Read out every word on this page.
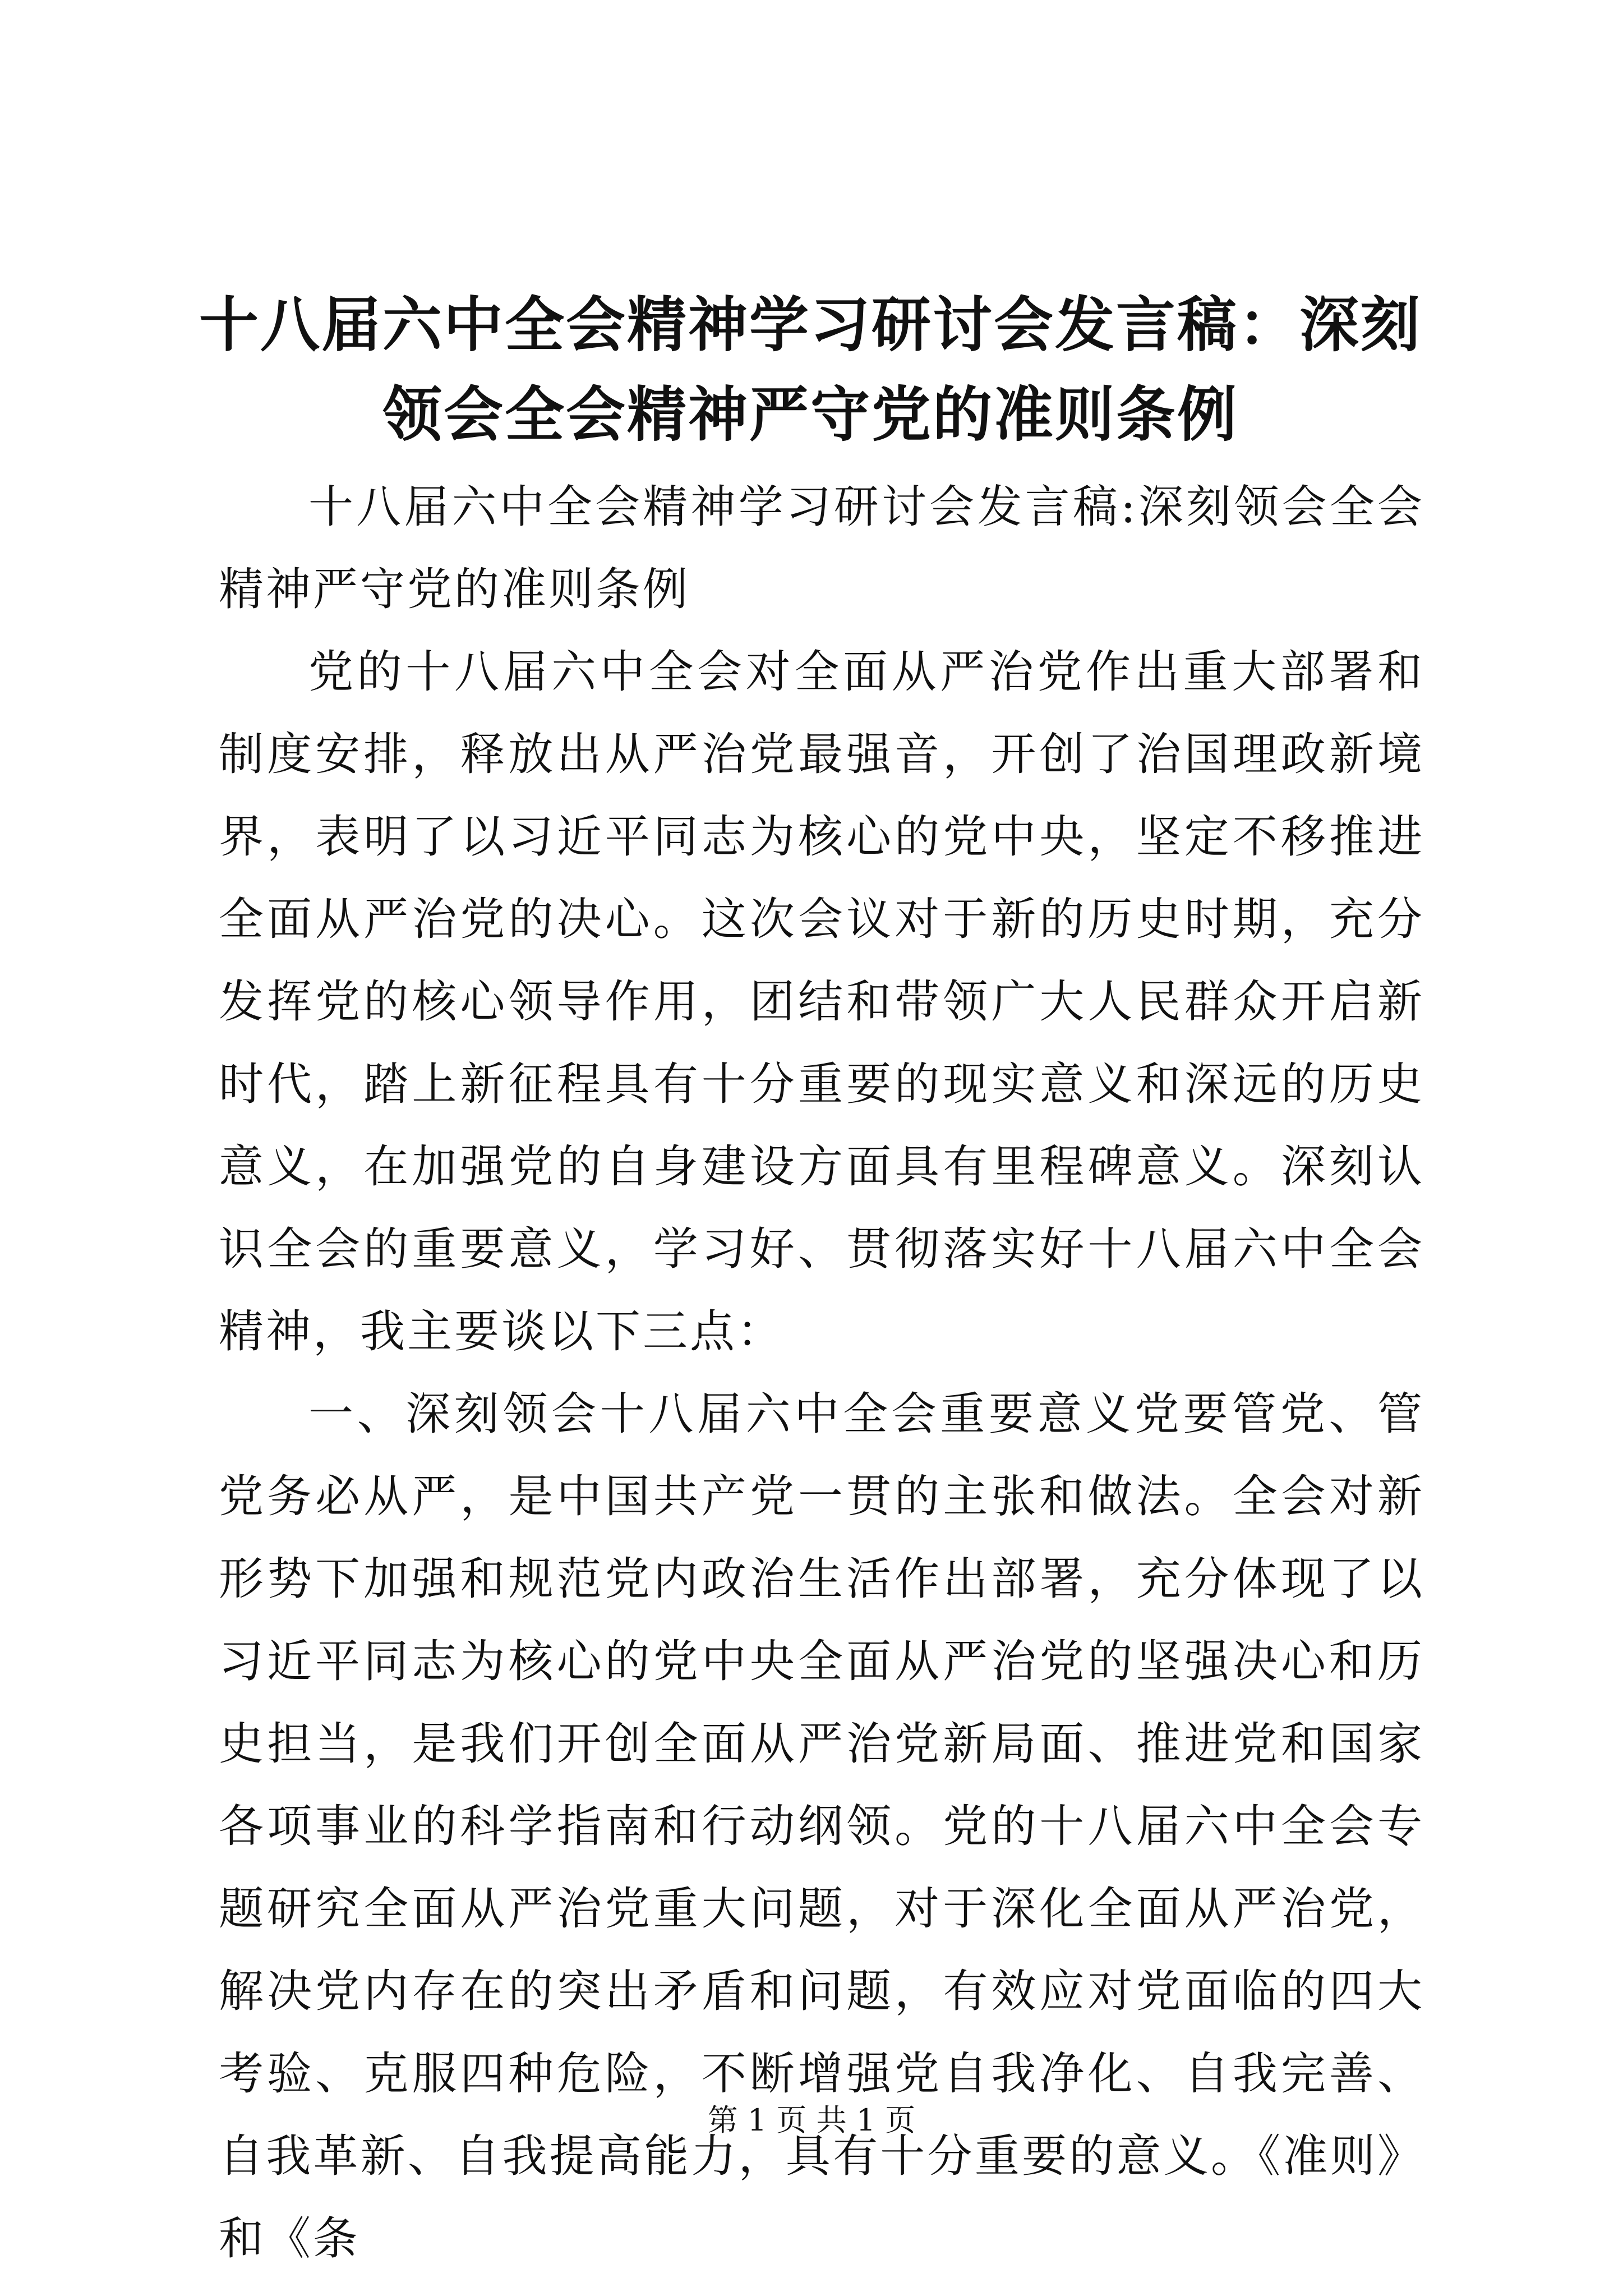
十八届六中全会精神学习研讨会发言稿：深刻领会全会精神严守党的准则条例

十八届六中全会精神学习研讨会发言稿:深刻领会全会精神严守党的准则条例

党的十八届六中全会对全面从严治党作出重大部署和制度安排，释放出从严治党最强音，开创了治国理政新境界，表明了以习近平同志为核心的党中央，坚定不移推进全面从严治党的决心。这次会议对于新的历史时期，充分发挥党的核心领导作用，团结和带领广大人民群众开启新时代，踏上新征程具有十分重要的现实意义和深远的历史意义，在加强党的自身建设方面具有里程碑意义。深刻认识全会的重要意义，学习好、贯彻落实好十八届六中全会精神，我主要谈以下三点：

一、深刻领会十八届六中全会重要意义党要管党、管党务必从严，是中国共产党一贯的主张和做法。全会对新形势下加强和规范党内政治生活作出部署，充分体现了以习近平同志为核心的党中央全面从严治党的坚强决心和历史担当，是我们开创全面从严治党新局面、推进党和国家各项事业的科学指南和行动纲领。党的十八届六中全会专题研究全面从严治党重大问题，对于深化全面从严治党，解决党内存在的突出矛盾和问题，有效应对党面临的四大考验、克服四种危险，不断增强党自我净化、自我完善、自我革新、自我提高能力，具有十分重要的意义。《准则》和《条

第 1 页 共 1 页
